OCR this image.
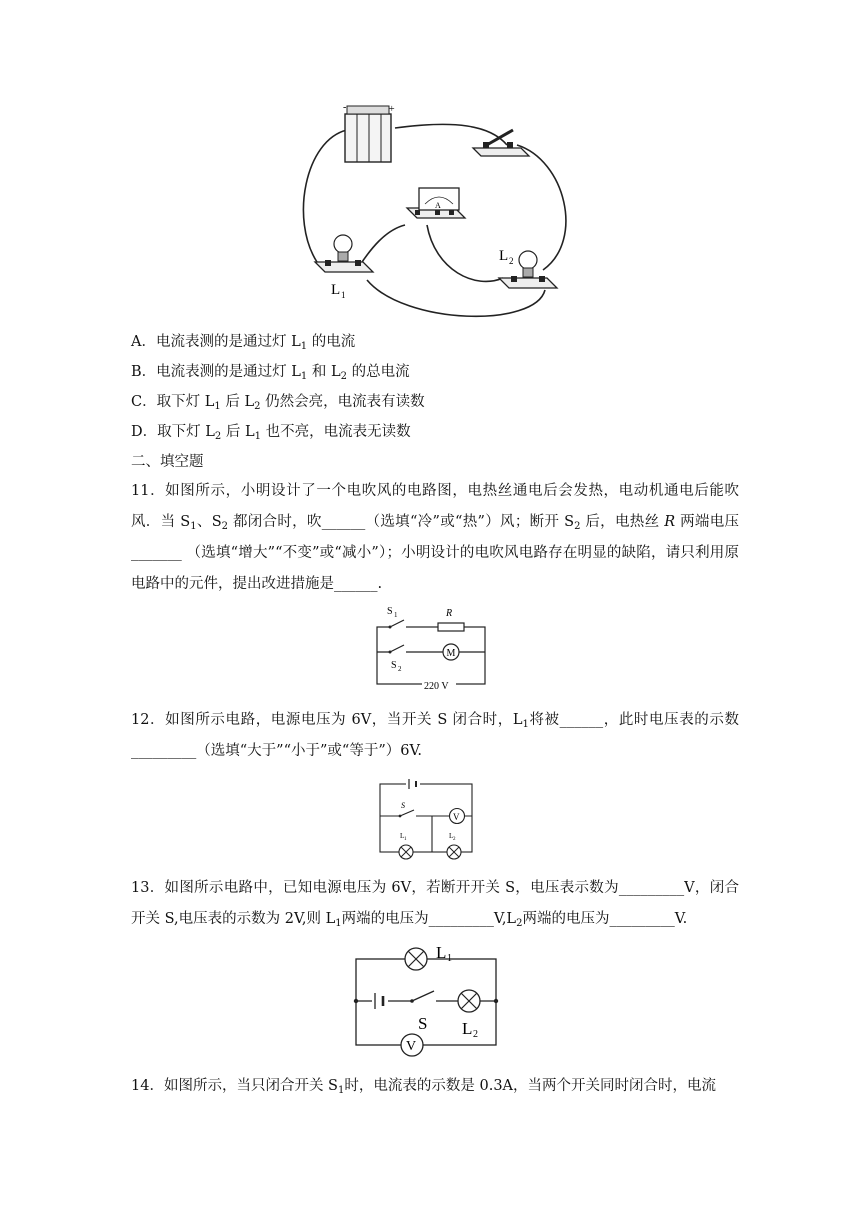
-	+
A
L 1
L 2
A．电流表测的是通过灯 $L_1$ 的电流
B．电流表测的是通过灯 $L_1$ 和 $L_2$ 的总电流
C．取下灯 $L_1$ 后 $L_2$ 仍然会亮，电流表有读数
D．取下灯 $L_2$ 后 $L_1$ 也不亮，电流表无读数
二、填空题
11．如图所示，小明设计了一个电吹风的电路图，电热丝通电后会发热，电动机通电后能吹风．当 $S_1$、$S_2$ 都闭合时，吹______（选填“冷”或“热”）风；断开 $S_2$ 后，电热丝 R 两端电压_______ （选填“增大”“不变”或“减小”）；小明设计的电吹风电路存在明显的缺陷，请只利用原电路中的元件，提出改进措施是______.
S 1	R
S 2
M
220 V
12．如图所示电路，电源电压为 6V，当开关 S 闭合时，$L_1$将被______，此时电压表的示数_________（选填“大于”“小于”或“等于”）6V.
S
V
L 1	L 2
13．如图所示电路中，已知电源电压为 6V，若断开开关 S，电压表示数为_________V，闭合开关 S,电压表的示数为 2V,则 $L_1$两端的电压为$\_\_\_\_\_\_\_\_\_V,L_2$两端的电压为_________V.
L 1
S L 2
V
14．如图所示，当只闭合开关 $S_1$时，电流表的示数是 0.3A，当两个开关同时闭合时，电流
